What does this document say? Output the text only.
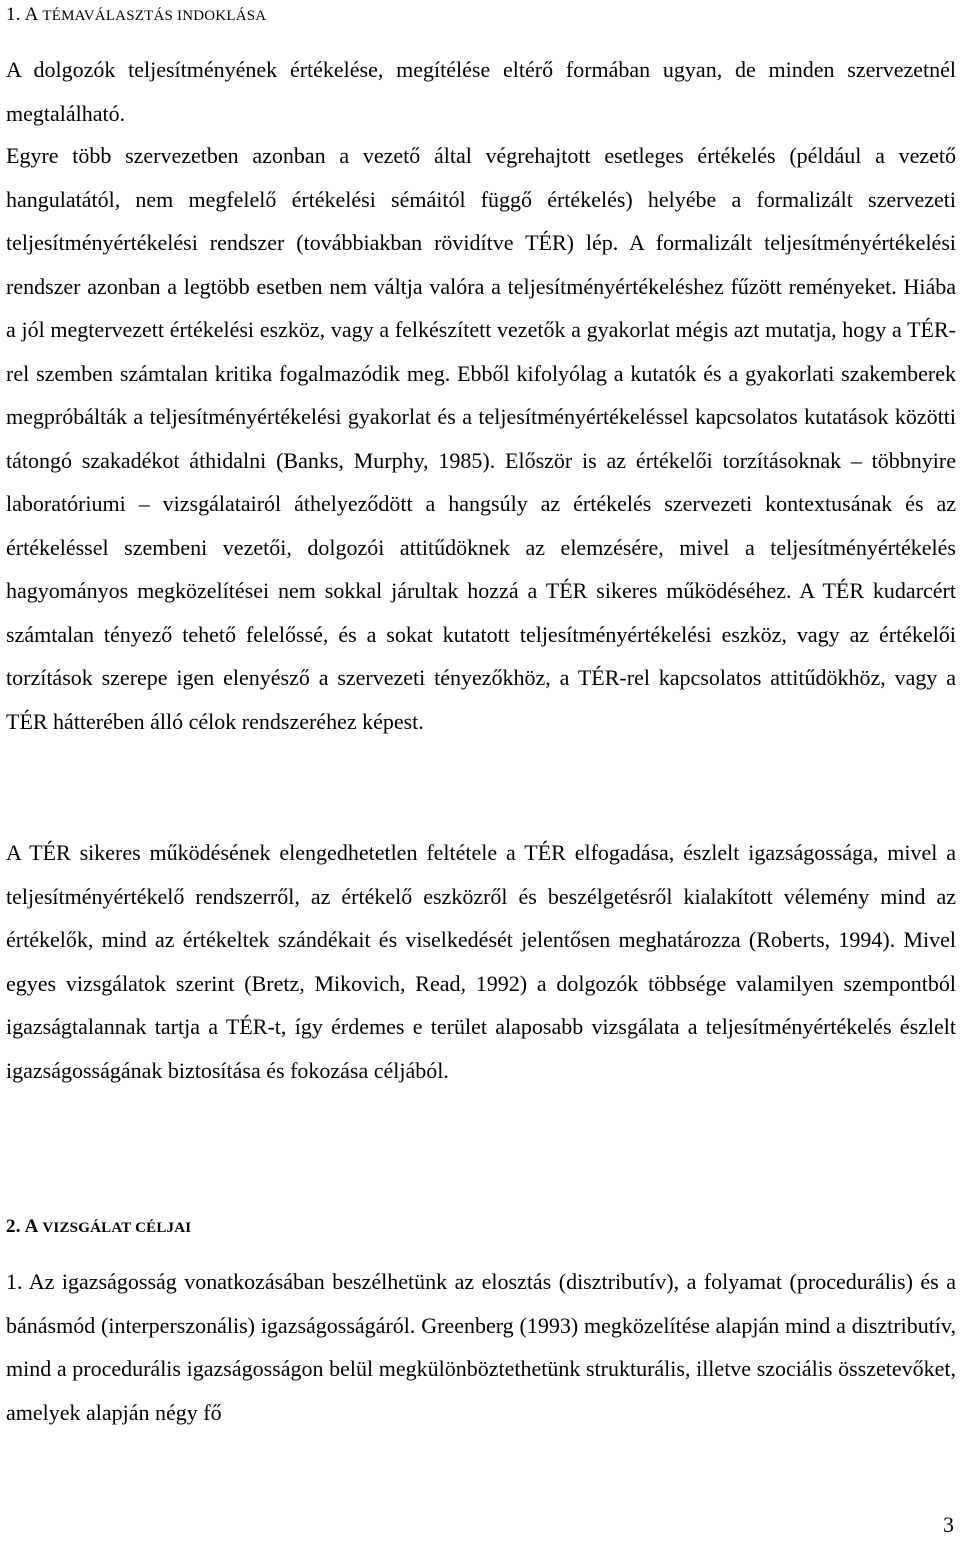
1. A TÉMAVÁLASZTÁS INDOKLÁSA

A dolgozók teljesítményének értékelése, megítélése eltérő formában ugyan, de minden szervezetnél megtalálható.

Egyre több szervezetben azonban a vezető által végrehajtott esetleges értékelés (például a vezető hangulatától, nem megfelelő értékelési sémáitól függő értékelés) helyébe a formalizált szervezeti teljesítményértékelési rendszer (továbbiakban rövidítve TÉR) lép. A formalizált teljesítményértékelési rendszer azonban a legtöbb esetben nem váltja valóra a teljesítményértékeléshez fűzött reményeket. Hiába a jól megtervezett értékelési eszköz, vagy a felkészített vezetők a gyakorlat mégis azt mutatja, hogy a TÉR-rel szemben számtalan kritika fogalmazódik meg. Ebből kifolyólag a kutatók és a gyakorlati szakemberek megpróbálták a teljesítményértékelési gyakorlat és a teljesítményértékeléssel kapcsolatos kutatások közötti tátongó szakadékot áthidalni (Banks, Murphy, 1985). Először is az értékelői torzításoknak – többnyire laboratóriumi – vizsgálatairól áthelyeződött a hangsúly az értékelés szervezeti kontextusának és az értékeléssel szembeni vezetői, dolgozói attitűdöknek az elemzésére, mivel a teljesítményértékelés hagyományos megközelítései nem sokkal járultak hozzá a TÉR sikeres működéséhez. A TÉR kudarcért számtalan tényező tehető felelőssé, és a sokat kutatott teljesítményértékelési eszköz, vagy az értékelői torzítások szerepe igen elenyésző a szervezeti tényezőkhöz, a TÉR-rel kapcsolatos attitűdökhöz, vagy a TÉR hátterében álló célok rendszeréhez képest.

A TÉR sikeres működésének elengedhetetlen feltétele a TÉR elfogadása, észlelt igazságossága, mivel a teljesítményértékelő rendszerről, az értékelő eszközről és beszélgetésről kialakított vélemény mind az értékelők, mind az értékeltek szándékait és viselkedését jelentősen meghatározza (Roberts, 1994). Mivel egyes vizsgálatok szerint (Bretz, Mikovich, Read, 1992) a dolgozók többsége valamilyen szempontból igazságtalannak tartja a TÉR-t, így érdemes e terület alaposabb vizsgálata a teljesítményértékelés észlelt igazságosságának biztosítása és fokozása céljából.

2. A VIZSGÁLAT CÉLJAI

1. Az igazságosság vonatkozásában beszélhetünk az elosztás (disztributív), a folyamat (procedurális) és a bánásmód (interperszonális) igazságosságáról. Greenberg (1993) megközelítése alapján mind a disztributív, mind a procedurális igazságosságon belül megkülönböztethetünk strukturális, illetve szociális összetevőket, amelyek alapján négy fő

3
